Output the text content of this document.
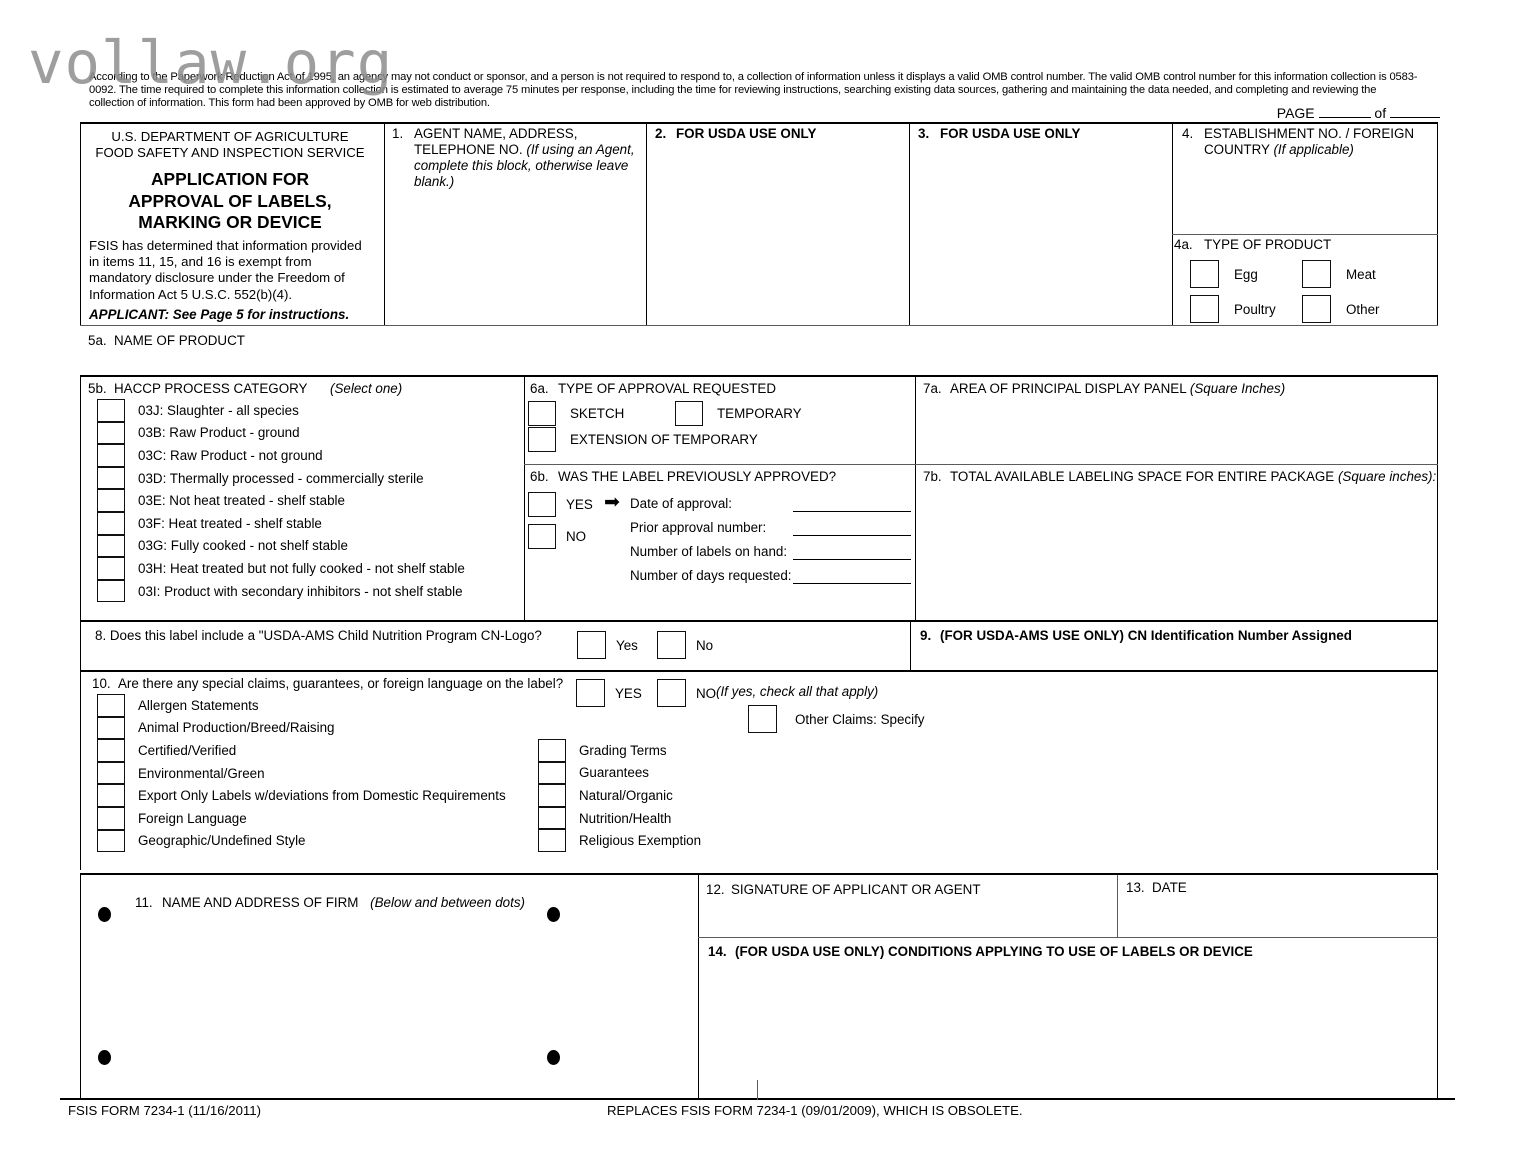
vollaw.org
According to the Paperwork Reduction Act of 1995, an agency may not conduct or sponsor, and a person is not required to respond to, a collection of information unless it displays a valid OMB control number. The valid OMB control number for this information collection is 0583-0092. The time required to complete this information collection is estimated to average 75 minutes per response, including the time for reviewing instructions, searching existing data sources, gathering and maintaining the data needed, and completing and reviewing the collection of information. This form had been approved by OMB for web distribution.
PAGE	of
U.S. DEPARTMENT OF AGRICULTURE
FOOD SAFETY AND INSPECTION SERVICE
APPLICATION FOR
APPROVAL OF LABELS,
MARKING OR DEVICE
FSIS has determined that information provided in items 11, 15, and 16 is exempt from mandatory disclosure under the Freedom of Information Act 5 U.S.C. 552(b)(4).
APPLICANT: See Page 5 for instructions.
1. AGENT NAME, ADDRESS,
TELEPHONE NO. (If using an Agent, complete this block, otherwise leave blank.)
2. FOR USDA USE ONLY	3. FOR USDA USE ONLY	4. ESTABLISHMENT NO. / FOREIGN
COUNTRY (If applicable)
4a. TYPE OF PRODUCT
Egg	Meat
Poultry	Other
5a. NAME OF PRODUCT
5b. HACCP PROCESS CATEGORY (Select one)
03J: Slaughter - all species
03B: Raw Product - ground
03C: Raw Product - not ground
03D: Thermally processed - commercially sterile
03E: Not heat treated - shelf stable
03F: Heat treated - shelf stable
03G: Fully cooked - not shelf stable
03H: Heat treated but not fully cooked - not shelf stable
03I: Product with secondary inhibitors - not shelf stable
6a. TYPE OF APPROVAL REQUESTED
SKETCH	TEMPORARY
EXTENSION OF TEMPORARY
6b. WAS THE LABEL PREVIOUSLY APPROVED?
YES
NO
➡ Date of approval:
Prior approval number:
Number of labels on hand:
Number of days requested:
7a. AREA OF PRINCIPAL DISPLAY PANEL (Square Inches)
7b. TOTAL AVAILABLE LABELING SPACE FOR ENTIRE PACKAGE (Square inches):
8. Does this label include a "USDA-AMS Child Nutrition Program CN-Logo?
Yes	No
9. (FOR USDA-AMS USE ONLY) CN Identification Number Assigned
10. Are there any special claims, guarantees, or foreign language on the label?
YES	NO (If yes, check all that apply)
Other Claims: Specify
Allergen Statements
Animal Production/Breed/Raising
Certified/Verified
Environmental/Green
Export Only Labels w/deviations from Domestic Requirements
Foreign Language
Geographic/Undefined Style
Grading Terms
Guarantees
Natural/Organic
Nutrition/Health
Religious Exemption
11. NAME AND ADDRESS OF FIRM (Below and between dots)
12. SIGNATURE OF APPLICANT OR AGENT	13. DATE
14. (FOR USDA USE ONLY) CONDITIONS APPLYING TO USE OF LABELS OR DEVICE
FSIS FORM 7234-1 (11/16/2011)	REPLACES FSIS FORM 7234-1 (09/01/2009), WHICH IS OBSOLETE.
